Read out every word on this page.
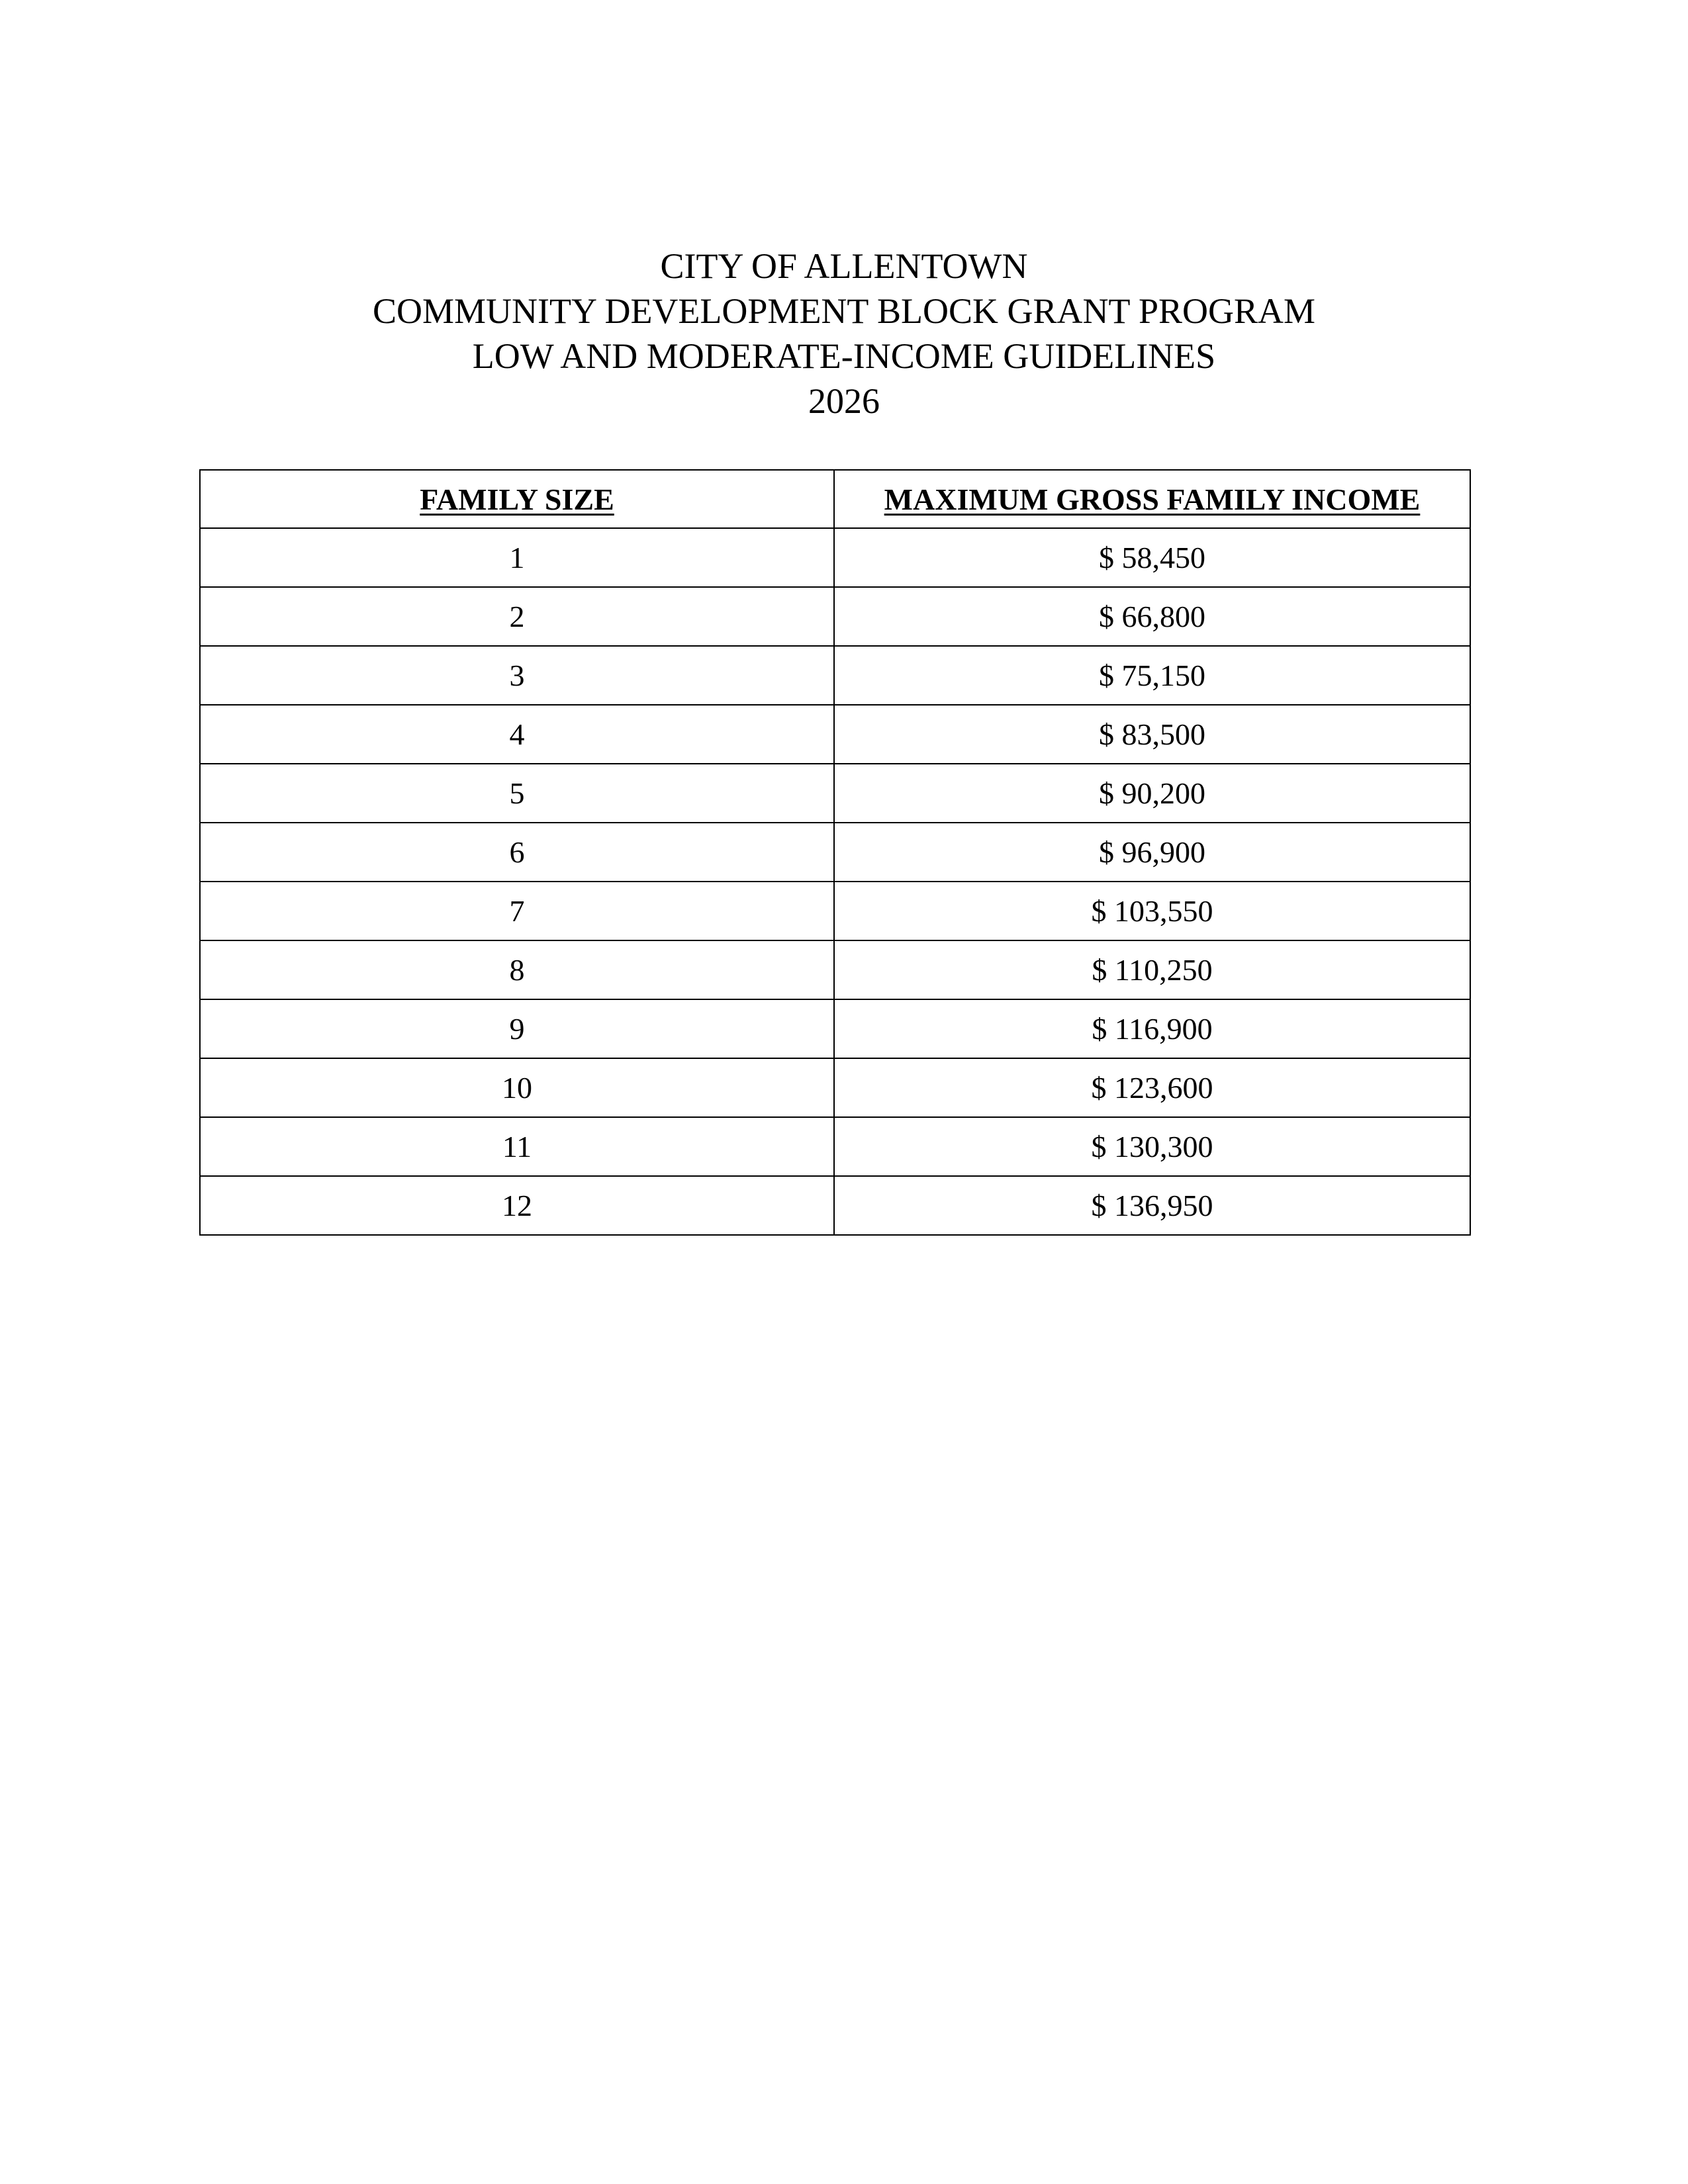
CITY OF ALLENTOWN
COMMUNITY DEVELOPMENT BLOCK GRANT PROGRAM
LOW AND MODERATE-INCOME GUIDELINES
2026
FAMILY SIZE	MAXIMUM GROSS FAMILY INCOME
1	$ 58,450
2	$ 66,800
3	$ 75,150
4	$ 83,500
5	$ 90,200
6	$ 96,900
7	$ 103,550
8	$ 110,250
9	$ 116,900
10	$ 123,600
11	$ 130,300
12	$ 136,950
